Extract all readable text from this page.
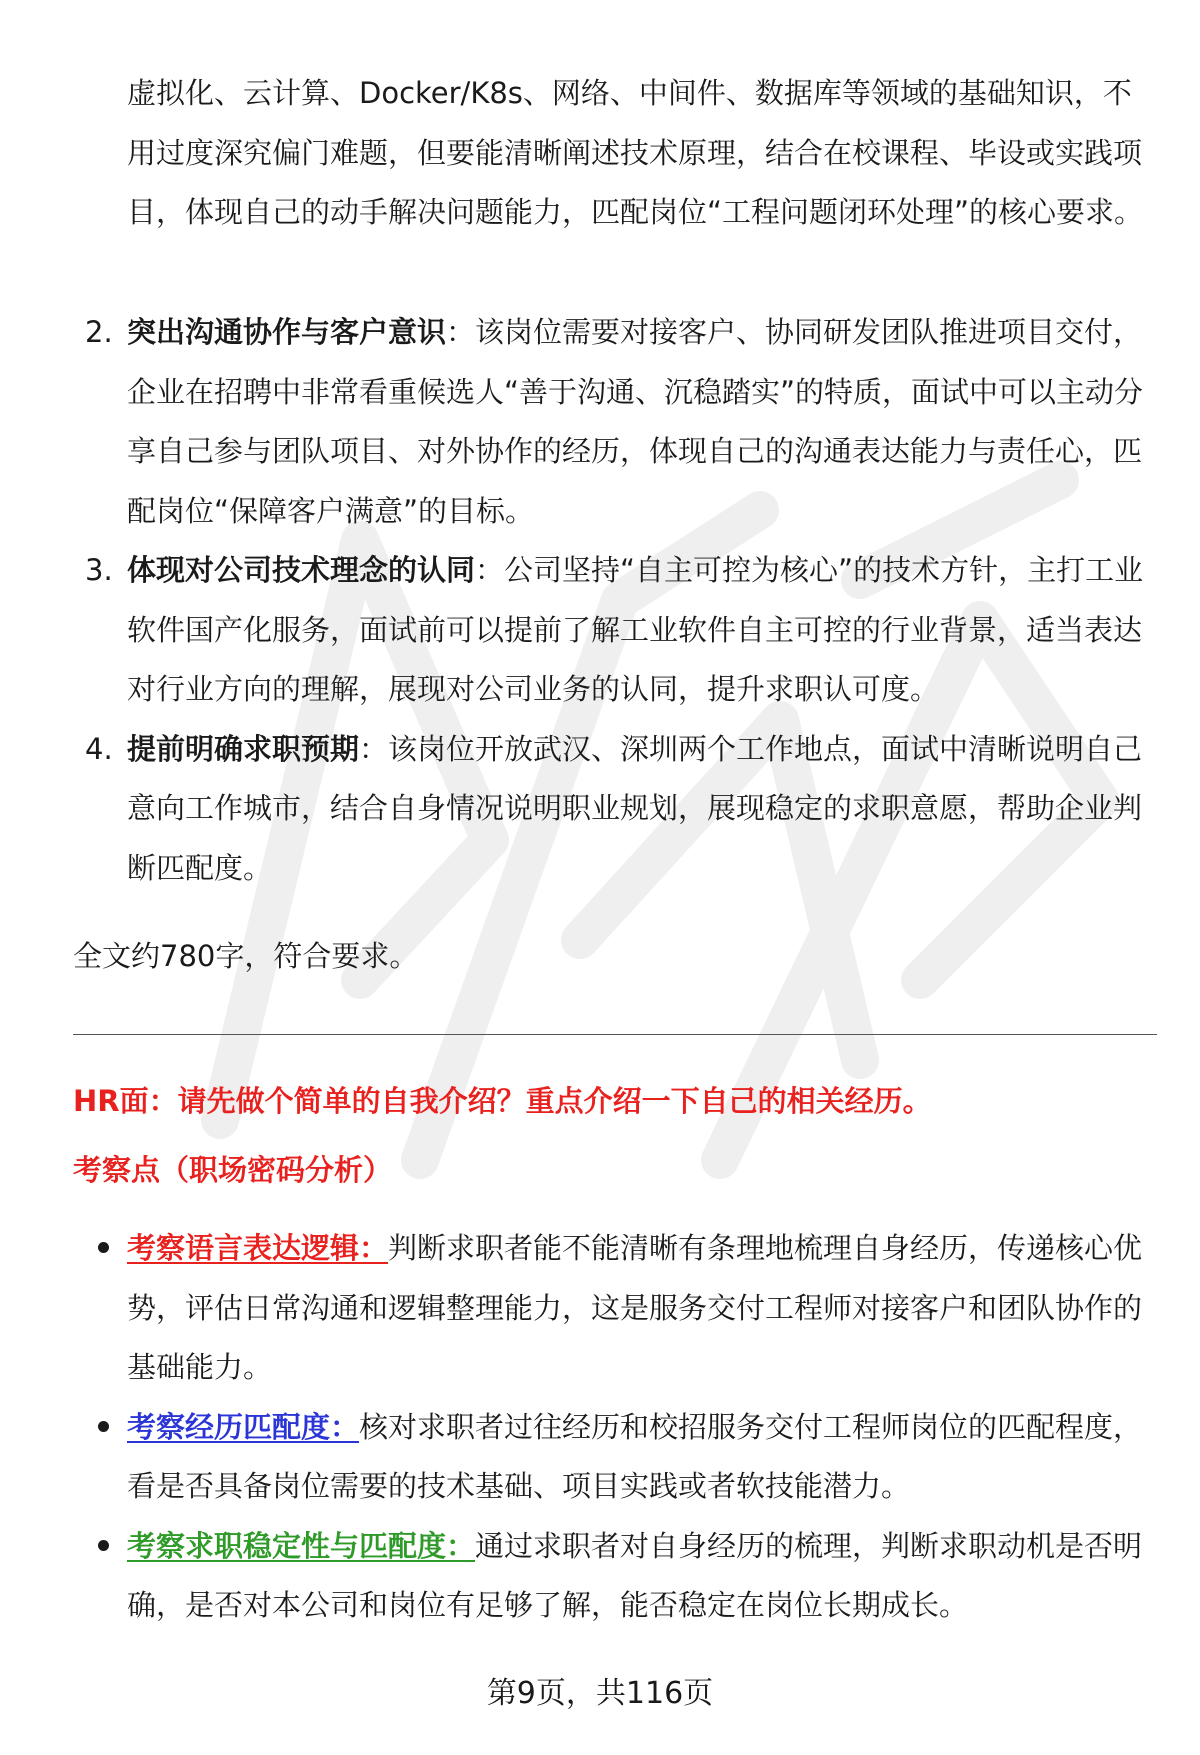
虚拟化、云计算、Docker/K8s、网络、中间件、数据库等领域的基础知识，不用过度深究偏门难题，但要能清晰阐述技术原理，结合在校课程、毕设或实践项目，体现自己的动手解决问题能力，匹配岗位“工程问题闭环处理”的核心要求。

2. 突出沟通协作与客户意识：该岗位需要对接客户、协同研发团队推进项目交付，企业在招聘中非常看重候选人“善于沟通、沉稳踏实”的特质，面试中可以主动分享自己参与团队项目、对外协作的经历，体现自己的沟通表达能力与责任心，匹配岗位“保障客户满意”的目标。
3. 体现对公司技术理念的认同：公司坚持“自主可控为核心”的技术方针，主打工业软件国产化服务，面试前可以提前了解工业软件自主可控的行业背景，适当表达对行业方向的理解，展现对公司业务的认同，提升求职认可度。
4. 提前明确求职预期：该岗位开放武汉、深圳两个工作地点，面试中清晰说明自己意向工作城市，结合自身情况说明职业规划，展现稳定的求职意愿，帮助企业判断匹配度。

全文约780字，符合要求。

HR面：请先做个简单的自我介绍？重点介绍一下自己的相关经历。

考察点（职场密码分析）

考察语言表达逻辑：判断求职者能不能清晰有条理地梳理自身经历，传递核心优势，评估日常沟通和逻辑整理能力，这是服务交付工程师对接客户和团队协作的基础能力。
考察经历匹配度：核对求职者过往经历和校招服务交付工程师岗位的匹配程度，看是否具备岗位需要的技术基础、项目实践或者软技能潜力。
考察求职稳定性与匹配度：通过求职者对自身经历的梳理，判断求职动机是否明确，是否对本公司和岗位有足够了解，能否稳定在岗位长期成长。

第9页，共116页
